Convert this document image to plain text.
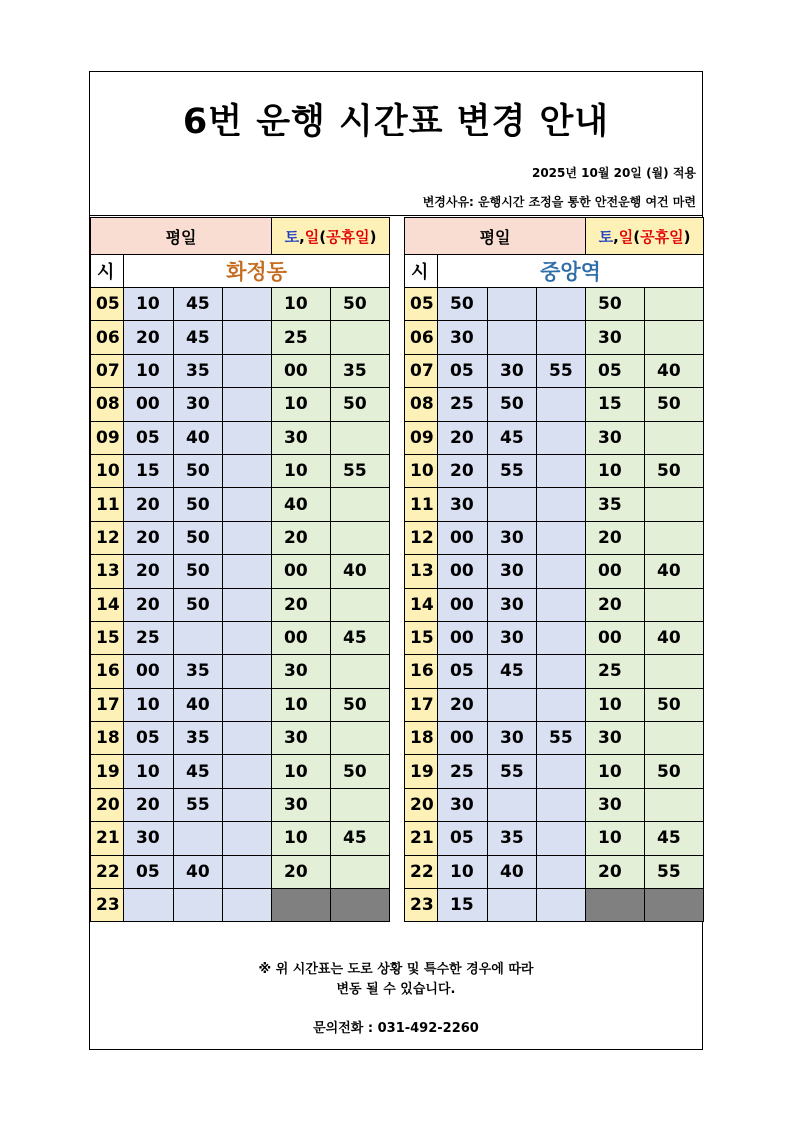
6번 운행 시간표 변경 안내
2025년 10월 20일 (월) 적용
변경사유: 운행시간 조정을 통한 안전운행 여건 마련
평일				토,일(공휴일)	
시	화정동				
05	10	45		10	50
06	20	45		25	
07	10	35		00	35
08	00	30		10	50
09	05	40		30	
10	15	50		10	55
11	20	50		40	
12	20	50		20	
13	20	50		00	40
14	20	50		20	
15	25			00	45
16	00	35		30	
17	10	40		10	50
18	05	35		30	
19	10	45		10	50
20	20	55		30	
21	30			10	45
22	05	40		20	
23					
평일				토,일(공휴일)	
시	중앙역				
05	50			50	
06	30			30	
07	05	30	55	05	40
08	25	50		15	50
09	20	45		30	
10	20	55		10	50
11	30			35	
12	00	30		20	
13	00	30		00	40
14	00	30		20	
15	00	30		00	40
16	05	45		25	
17	20			10	50
18	00	30	55	30	
19	25	55		10	50
20	30			30	
21	05	35		10	45
22	10	40		20	55
23	15				
※ 위 시간표는 도로 상황 및 특수한 경우에 따라
변동 될 수 있습니다.
문의전화 : 031-492-2260
